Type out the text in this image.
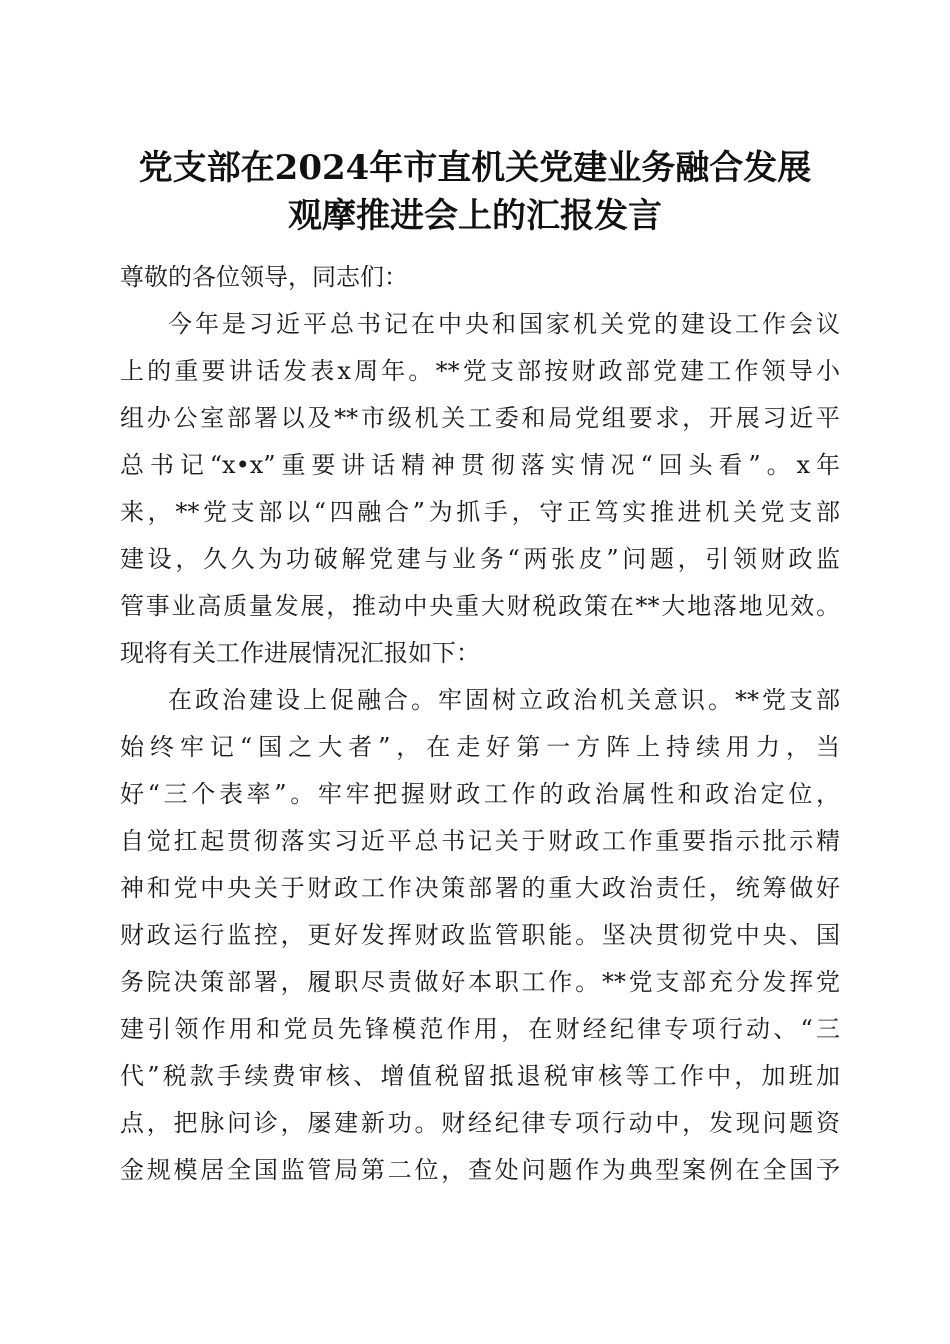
党支部在2024年市直机关党建业务融合发展
观摩推进会上的汇报发言
尊敬的各位领导，同志们：
今年是习近平总书记在中央和国家机关党的建设工作会议
上的重要讲话发表x周年。**党支部按财政部党建工作领导小
组办公室部署以及**市级机关工委和局党组要求，开展习近平
总书记“x•x”重要讲话精神贯彻落实情况“回头看”。x年
来，**党支部以“四融合”为抓手，守正笃实推进机关党支部
建设，久久为功破解党建与业务“两张皮”问题，引领财政监
管事业高质量发展，推动中央重大财税政策在**大地落地见效。
现将有关工作进展情况汇报如下：
在政治建设上促融合。牢固树立政治机关意识。**党支部
始终牢记“国之大者”，在走好第一方阵上持续用力，当
好“三个表率”。牢牢把握财政工作的政治属性和政治定位，
自觉扛起贯彻落实习近平总书记关于财政工作重要指示批示精
神和党中央关于财政工作决策部署的重大政治责任，统筹做好
财政运行监控，更好发挥财政监管职能。坚决贯彻党中央、国
务院决策部署，履职尽责做好本职工作。**党支部充分发挥党
建引领作用和党员先锋模范作用，在财经纪律专项行动、“三
代”税款手续费审核、增值税留抵退税审核等工作中，加班加
点，把脉问诊，屡建新功。财经纪律专项行动中，发现问题资
金规模居全国监管局第二位，查处问题作为典型案例在全国予
